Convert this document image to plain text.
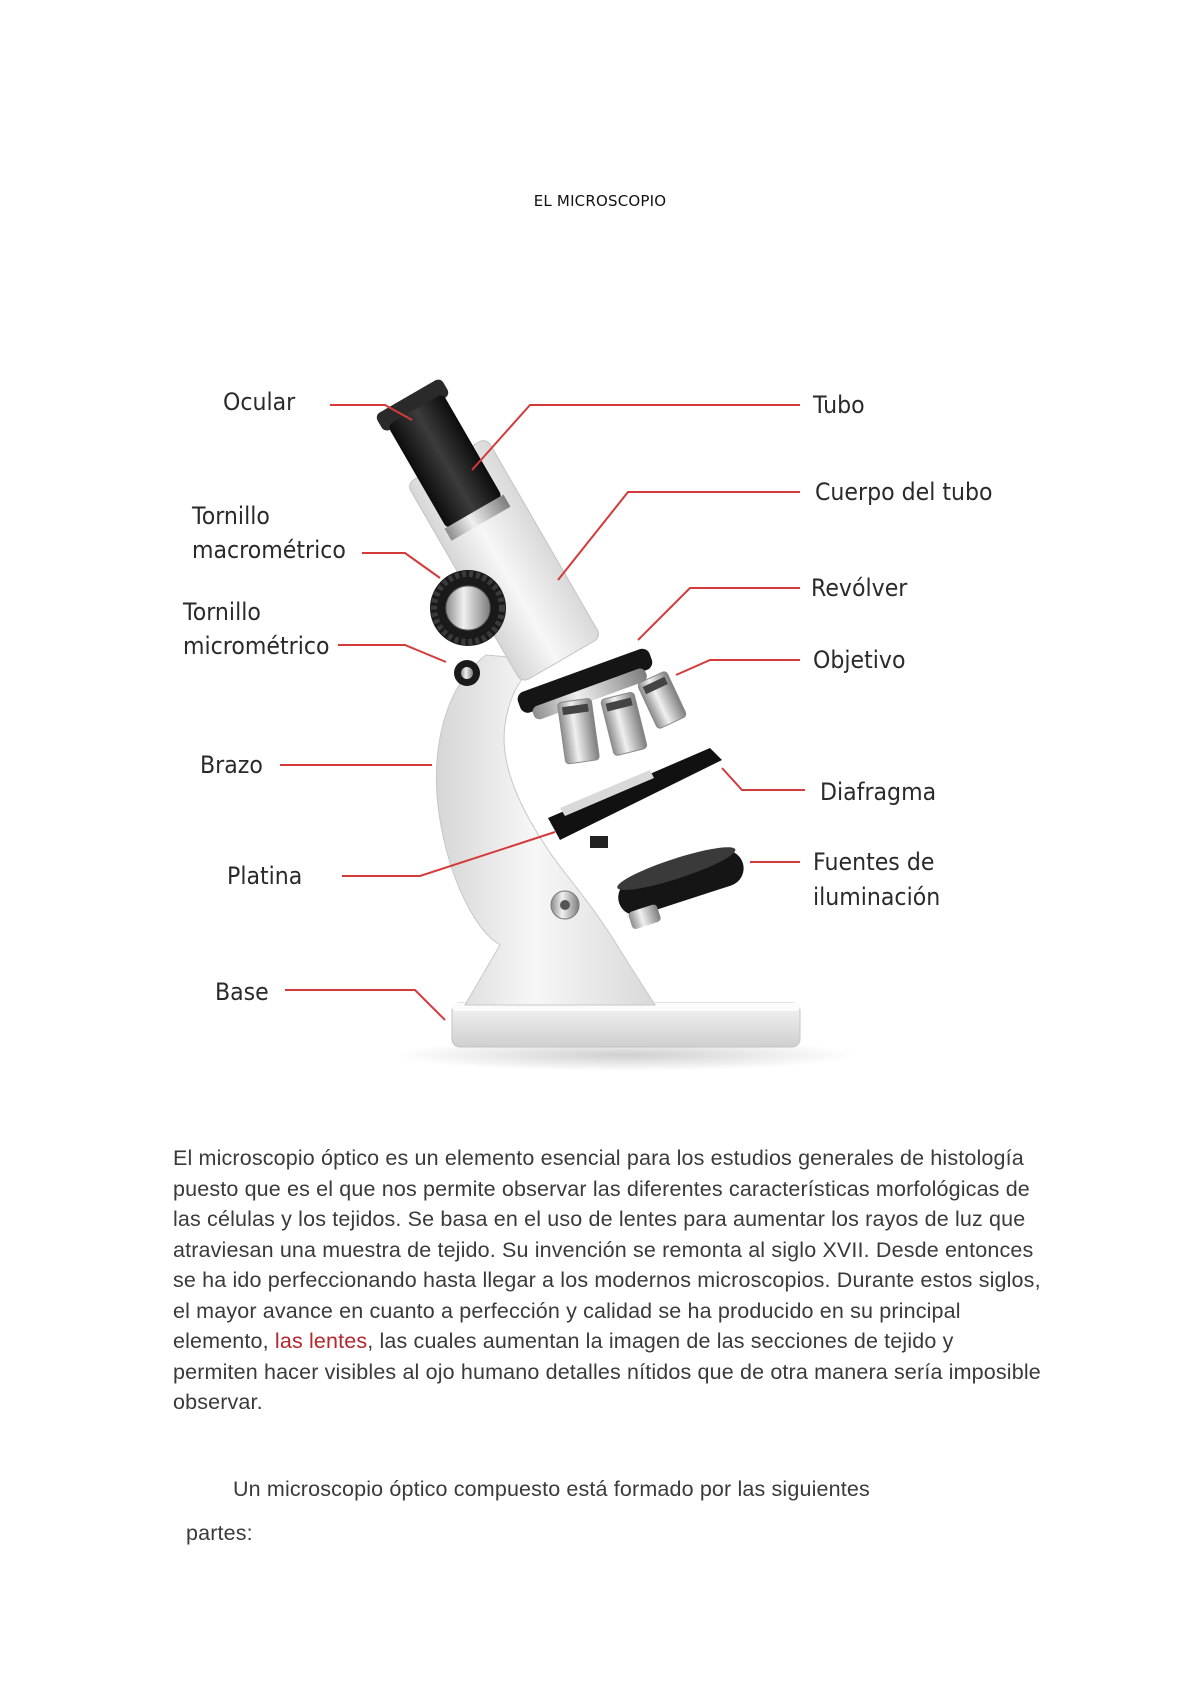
EL MICROSCOPIO
Ocular
Tornillo
macrométrico
Tornillo
micrométrico
Brazo
Platina
Base
Tubo
Cuerpo del tubo
Revólver
Objetivo
Diafragma
Fuentes de
iluminación
El microscopio óptico es un elemento esencial para los estudios generales de histología puesto que es el que nos permite observar las diferentes características morfológicas de las células y los tejidos. Se basa en el uso de lentes para aumentar los rayos de luz que atraviesan una muestra de tejido. Su invención se remonta al siglo XVII. Desde entonces se ha ido perfeccionando hasta llegar a los modernos microscopios. Durante estos siglos, el mayor avance en cuanto a perfección y calidad se ha producido en su principal elemento, las lentes, las cuales aumentan la imagen de las secciones de tejido y permiten hacer visibles al ojo humano detalles nítidos que de otra manera sería imposible observar.
Un microscopio óptico compuesto está formado por las siguientes
partes:
